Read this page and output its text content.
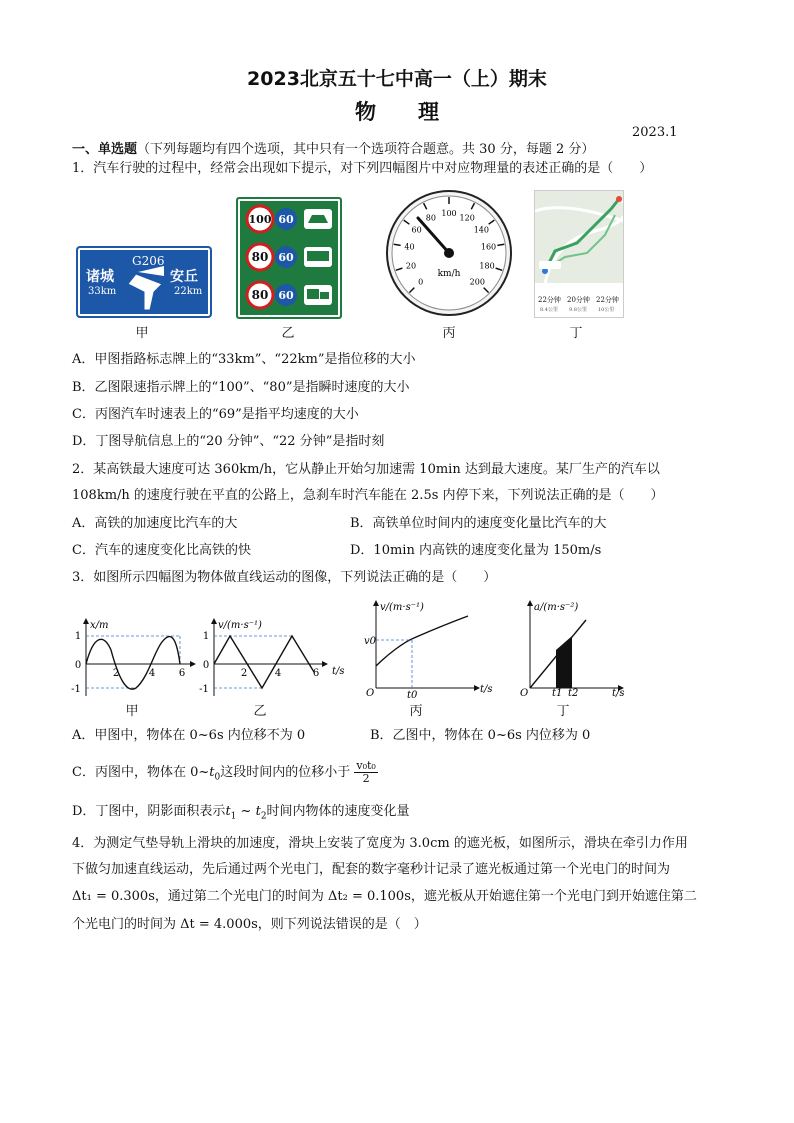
2023北京五十七中高一（上）期末
物　　理
2023.1
一、单选题（下列每题均有四个选项，其中只有一个选项符合题意。共 30 分，每题 2 分）
1．汽车行驶的过程中，经常会出现如下提示，对下列四幅图片中对应物理量的表述正确的是（　　）
G206
诸城
33km
安丘
22km
甲
100 60
80 60
80 60
乙
0
20
40
60
80 100 120
140
160
180
200
km/h
丙
22分钟
8.4公里
20分钟
9.8公里
22分钟
10公里
丁
A．甲图指路标志牌上的“33km”、“22km”是指位移的大小
B．乙图限速指示牌上的“100”、“80”是指瞬时速度的大小
C．丙图汽车时速表上的“69”是指平均速度的大小
D．丁图导航信息上的“20 分钟”、“22 分钟”是指时刻
2．某高铁最大速度可达 360km/h，它从静止开始匀加速需 10min 达到最大速度。某厂生产的汽车以
108km/h 的速度行驶在平直的公路上，急刹车时汽车能在 2.5s 内停下来，下列说法正确的是（　　）
A．高铁的加速度比汽车的大	B．高铁单位时间内的速度变化量比汽车的大
C．汽车的速度变化比高铁的快	D．10min 内高铁的速度变化量为 150m/s
3．如图所示四幅图为物体做直线运动的图像，下列说法正确的是（　　）
x/m
1
0
-1
2	4 6
甲
v/(m·s⁻¹)
1
0
-1
2	4	6 t/s
乙
v/(m·s⁻¹)
v0
O	t0
t/s
丙
a/(m·s⁻²)
O t1 t2	t/s
丁
A．甲图中，物体在 0~6s 内位移不为 0	B．乙图中，物体在 0~6s 内位移为 0
C．丙图中，物体在 $0\sim t_0$这段时间内的位移小于 $\frac{\text{v₀t₀}}{2}$
D．丁图中，阴影面积表示$t_1$ ~ $t_2$时间内物体的速度变化量
4．为测定气垫导轨上滑块的加速度，滑块上安装了宽度为 3.0cm 的遮光板，如图所示，滑块在牵引力作用
下做匀加速直线运动，先后通过两个光电门，配套的数字毫秒计记录了遮光板通过第一个光电门的时间为
Δt₁ = 0.300s，通过第二个光电门的时间为 Δt₂ = 0.100s，遮光板从开始遮住第一个光电门到开始遮住第二
个光电门的时间为 Δt = 4.000s，则下列说法错误的是（　）
